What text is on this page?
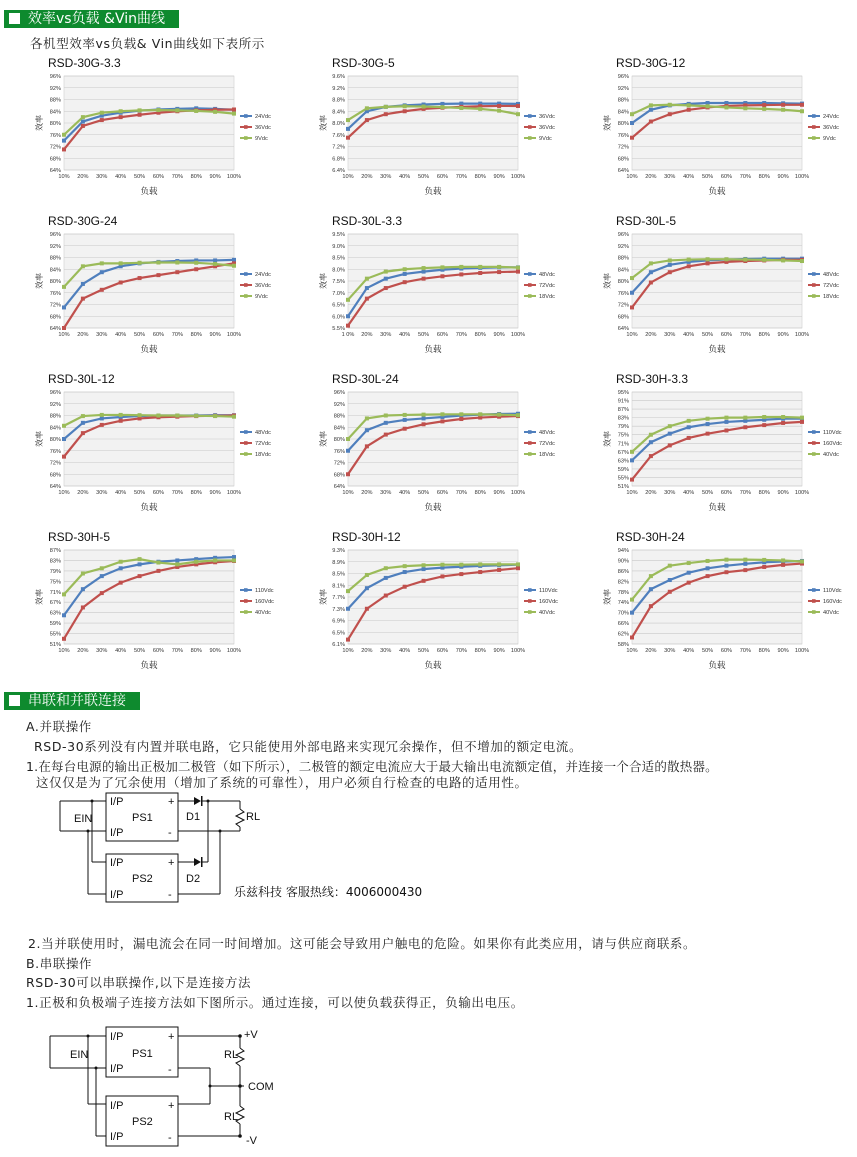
效率vs负载 &Vin曲线
各机型效率vs负载& Vin曲线如下表所示
RSD-30G-3.3
64%
68%
72%
76%
80%
84%
88%
92%
96%
10% 20% 30% 40% 50% 60% 70% 80% 90% 100%
效率
负载
24Vdc
36Vdc
9Vdc
RSD-30G-5
6.4%
6.8%
7.2%
7.6%
8.0%
8.4%
8.8%
9.2%
9.6%
10% 20% 30% 40% 50% 60% 70% 80% 90% 100%
效率
负载
36Vdc
36Vdc
9Vdc
RSD-30G-12
64%
68%
72%
76%
80%
84%
88%
92%
96%
10% 20% 30% 40% 50% 60% 70% 80% 90% 100%
效率
负载
24Vdc
36Vdc
9Vdc
RSD-30G-24
64%
68%
72%
76%
80%
84%
88%
92%
96%
10% 20% 30% 40% 50% 60% 70% 80% 90% 100%
效率
负载
24Vdc
36Vdc
9Vdc
RSD-30L-3.3
5.5%
6.0%
6.5%
7.0%
7.5%
8.0%
8.5%
9.0%
9.5%
1 0% 20% 30% 40% 50% 60% 70% 80% 90% 100%
效率
负载
48Vdc
72Vdc
18Vdc
RSD-30L-5
64%
68%
72%
76%
80%
84%
88%
92%
96%
10% 20% 30% 40% 50% 60% 70% 80% 90% 100%
效率
负载
48Vdc
72Vdc
18Vdc
RSD-30L-12
64%
68%
72%
76%
80%
84%
88%
92%
96%
10% 20% 30% 40% 50% 60% 70% 80% 90% 100%
效率
负载
48Vdc
72Vdc
18Vdc
RSD-30L-24
64%
68%
72%
76%
80%
84%
88%
92%
96%
10% 20% 30% 40% 50% 60% 70% 80% 90% 100%
效率
负载
48Vdc
72Vdc
18Vdc
RSD-30H-3.3
51%
55%
59%
63%
67%
71%
75%
79%
83%
87%
91%
95%
10% 20% 30% 40% 50% 60% 70% 80% 90% 100%
效率
负载
110Vdc
160Vdc
40Vdc
RSD-30H-5
51%
55%
59%
63%
67%
71%
75%
79%
83%
87%
10% 20% 30% 40% 50% 60% 70% 80% 90% 100%
效率
负载
110Vdc
160Vdc
40Vdc
RSD-30H-12
6.1%
6.5%
6.9%
7.3%
7.7%
8.1%
8.5%
8.9%
9.3%
10% 20% 30% 40% 50% 60% 70% 80% 90% 100%
效率
负载
110Vdc
160Vdc
40Vdc
RSD-30H-24
58%
62%
66%
70%
74%
78%
82%
86%
90%
94%
10% 20% 30% 40% 50% 60% 70% 80% 90% 100%
效率
负载
110Vdc
160Vdc
40Vdc
串联和并联连接
A.并联操作
RSD-30系列没有内置并联电路，它只能使用外部电路来实现冗余操作，但不增加的额定电流。
1.在每台电源的输出正极加二极管（如下所示），二极管的额定电流应大于最大输出电流额定值，并连接一个合适的散热器。
这仅仅是为了冗余使用（增加了系统的可靠性），用户必须自行检查的电路的适用性。
I/P
I/P
PS1
+
-
I/P
I/P
PS2
+
-
D1
D2
RL
EIN
乐兹科技 客服热线：4006000430
2.当并联使用时，漏电流会在同一时间增加。这可能会导致用户触电的危险。如果你有此类应用，请与供应商联系。
B.串联操作
RSD-30可以串联操作,以下是连接方法
1.正极和负极端子连接方法如下图所示。通过连接，可以使负载获得正，负输出电压。
I/P
I/P
PS1
+
-
I/P
I/P
PS2
+
-
RL
RL
+V
COM
-V
EIN
